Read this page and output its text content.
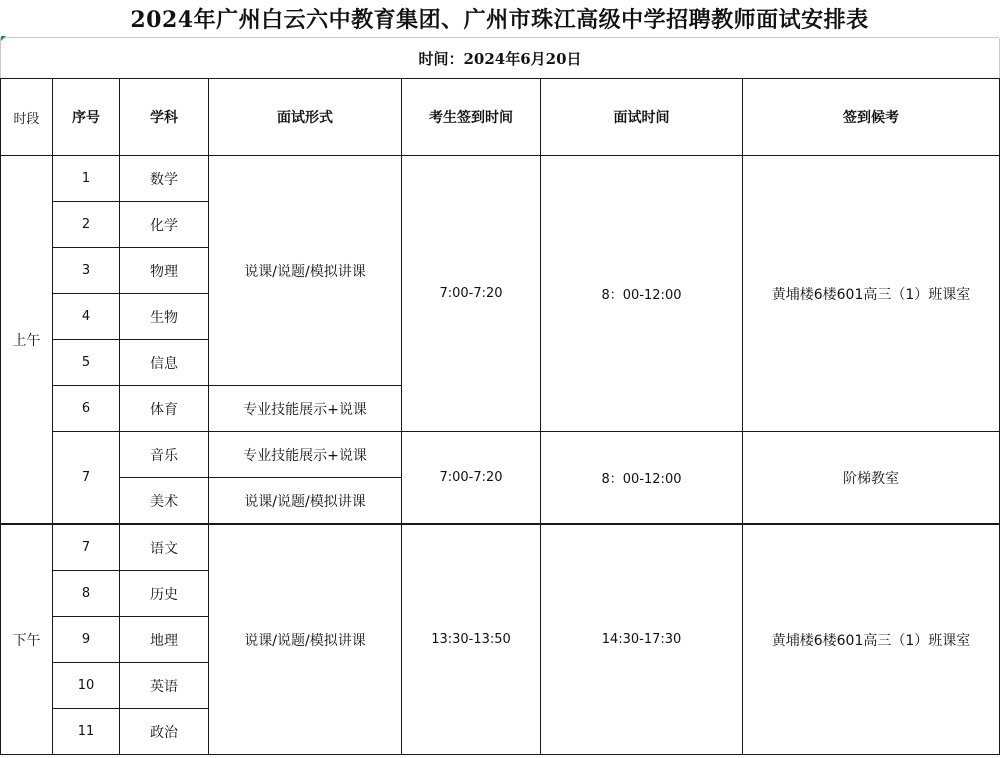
2024年广州白云六中教育集团、广州市珠江高级中学招聘教师面试安排表
时间：2024年6月20日
时段	序号	学科	面试形式	考生签到时间	面试时间	签到候考
上午	1	数学	说课/说题/模拟讲课	7:00-7:20	8：00-12:00	黄埔楼6楼601高三（1）班课室
	2	化学				
	3	物理				
	4	生物				
	5	信息				
	6	体育	专业技能展示+说课			
	7	音乐	专业技能展示+说课	7:00-7:20	8：00-12:00	阶梯教室
		美术	说课/说题/模拟讲课			
下午	7	语文	说课/说题/模拟讲课	13:30-13:50	14:30-17:30	黄埔楼6楼601高三（1）班课室
	8	历史				
	9	地理				
	10	英语				
	11	政治				
